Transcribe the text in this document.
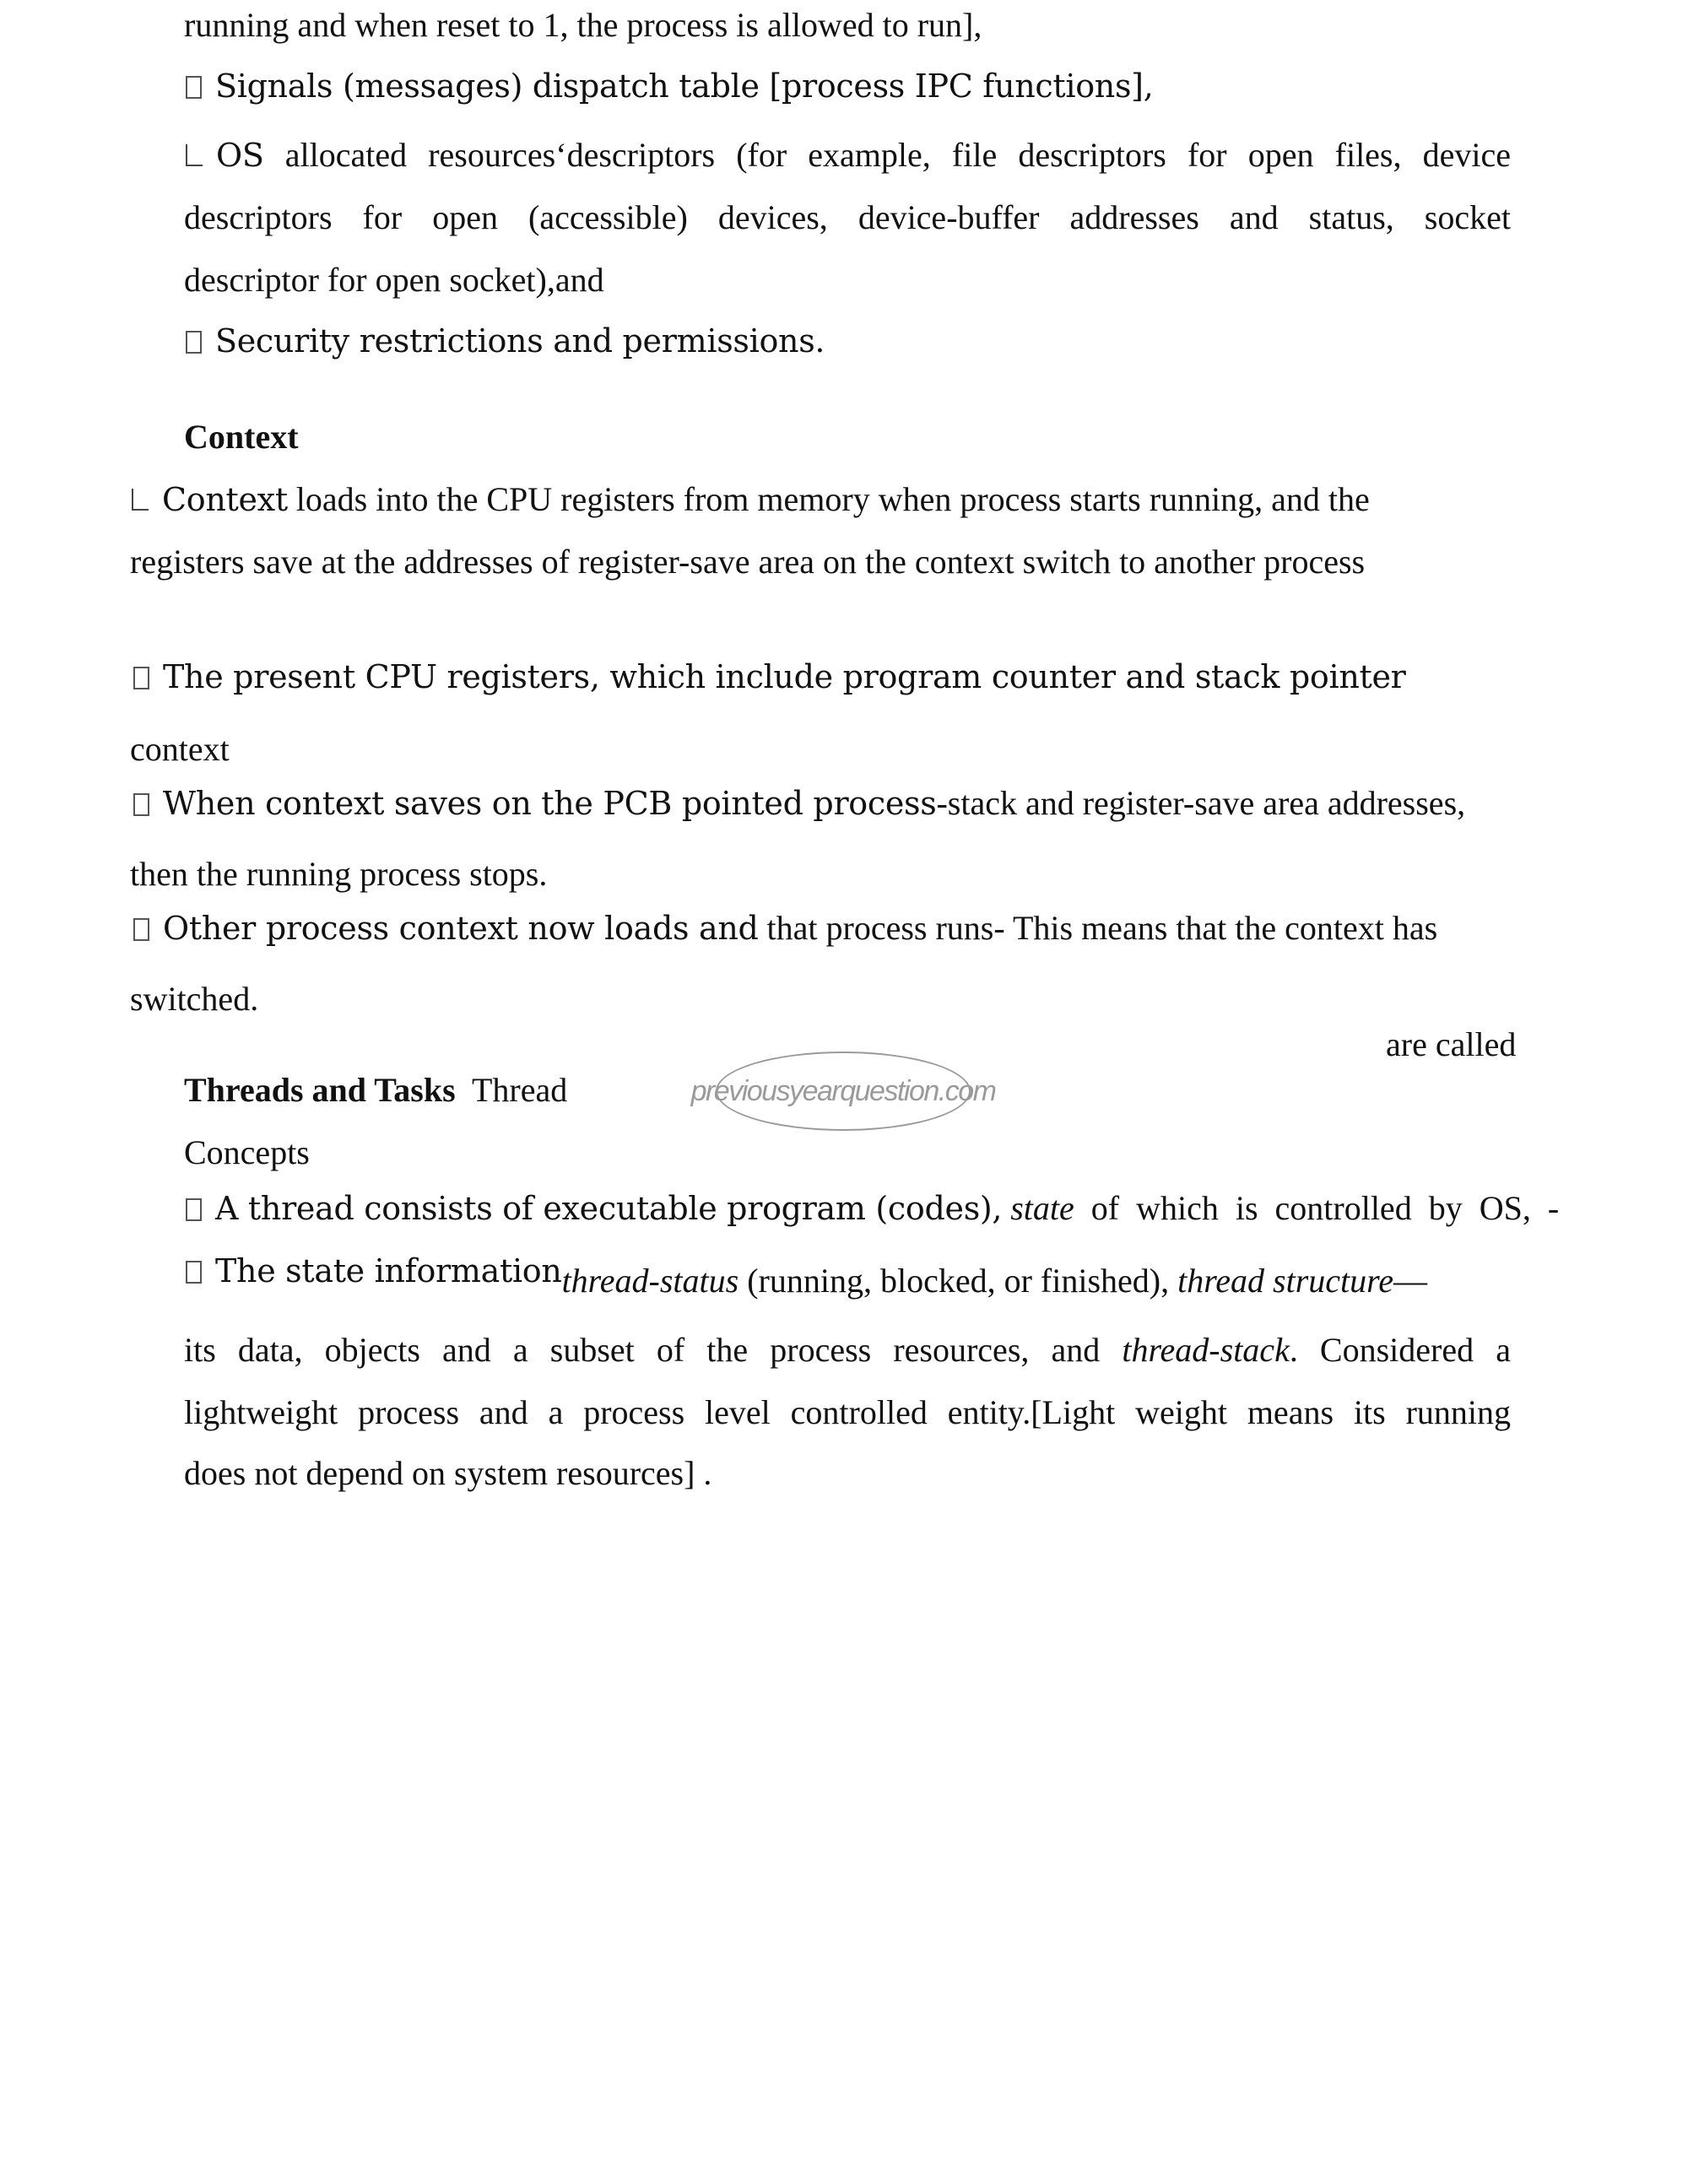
running and when reset to 1, the process is allowed to run],
Signals (messages) dispatch table [process IPC functions],
OS allocated resources‘descriptors (for example, file descriptors for open files, device
descriptors for open (accessible) devices, device-buffer addresses and status, socket
descriptor for open socket),and
Security restrictions and permissions.
Context
Context loads into the CPU registers from memory when process starts running, and the
registers save at the addresses of register-save area on the context switch to another process
The present CPU registers, which include program counter and stack pointer
context
When context saves on the PCB pointed process-stack and register-save area addresses,
then the running process stops.
Other process context now loads and that process runs- This means that the context has
switched.
are called
Threads and Tasks Thread	previousyearquestion.com
Concepts
A thread consists of executable program (codes), state of which is controlled by OS, -
The state informationthread-status (running, blocked, or finished), thread structure—
its data, objects and a subset of the process resources, and thread-stack. Considered a
lightweight process and a process level controlled entity.[Light weight means its running
does not depend on system resources] .
